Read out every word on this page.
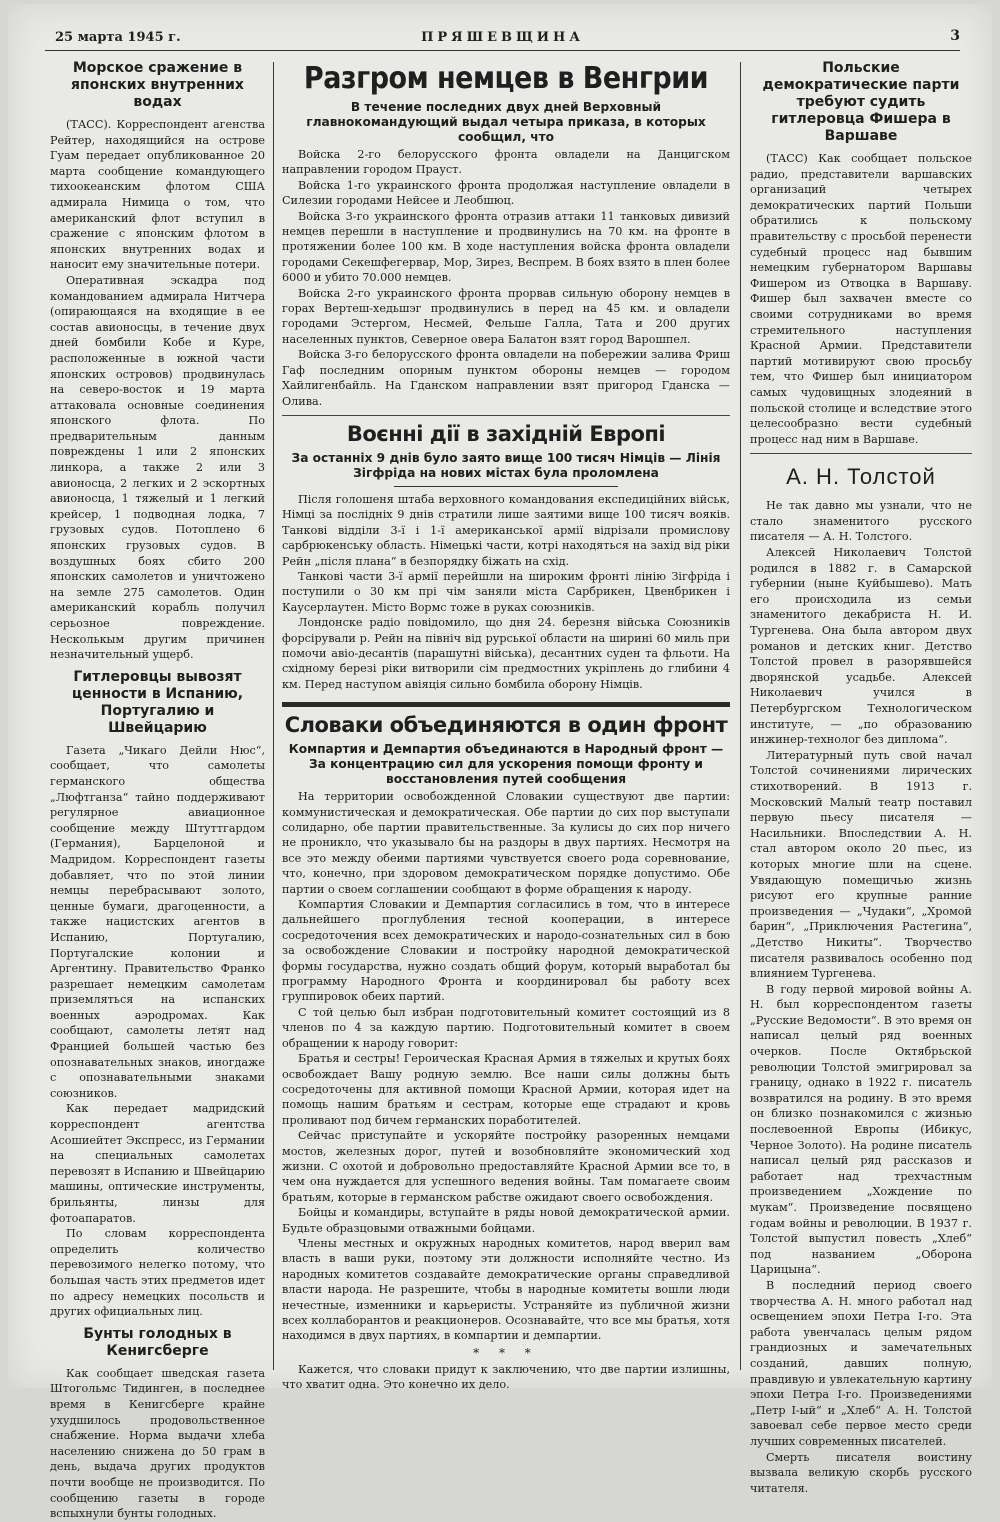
25 марта 1945 г.	ПРЯШЕВЩИНА	3
Морское сражение в японских внутренних водах

(ТАСС). Корреспондент агенства Рейтер, находящийся на острове Гуам передает опубликованное 20 марта сообщение командующего тихоокеанским флотом США адмирала Нимица о том, что американский флот вступил в сражение с японским флотом в японских внутренних водах и наносит ему значительные потери.

Оперативная эскадра под командованием адмирала Нитчера (опирающаяся на входящие в ее состав авионосцы, в течение двух дней бомбили Кобе и Куре, расположенные в южной части японских островов) продвинулась на северо-восток и 19 марта аттаковала основные соединения японского флота. По предварительным данным повреждены 1 или 2 японских линкора, а также 2 или 3 авионосца, 2 легких и 2 эскортных авионосца, 1 тяжелый и 1 легкий крейсер, 1 подводная лодка, 7 грузовых судов. Потоплено 6 японских грузовых судов. В воздушных боях сбито 200 японских самолетов и уничтожено на земле 275 самолетов. Один американский корабль получил серьозное повреждение. Несколькым другим причинен незначительный ущерб.

Гитлеровцы вывозят ценности в Испанию, Португалию и Швейцарию

Газета „Чикаго Дейли Нюс“, сообщает, что самолеты германского общества „Люфтганза“ тайно поддерживают регулярное авиационное сообщение между Штуттгардом (Германия), Барцелоной и Мадридом. Корреспондент газеты добавляет, что по этой линии немцы перебрасывают золото, ценные бумаги, драгоценности, а также нацистских агентов в Испанию, Португалию, Португалские колонии и Аргентину. Правительство Франко разрешает немецким самолетам приземляться на испанских военных аэродромах. Как сообщают, самолеты летят над Францией большей частью без опознавательных знаков, иногдаже с опознавательными знаками союзников.

Как передает мадридский корреспондент агентства Асошиейтет Экспресс, из Германии на специальных самолетах перевозят в Испанию и Швейцарию машины, оптические инструменты, брильянты, линзы для фотоапаратов.

По словам корреспондента определить количество перевозимого нелегко потому, что большая часть этих предметов идет по адресу немецких посольств и других официальных лиц.

Бунты голодных в Кенигсберге

Как сообщает шведская газета Штогольмс Тидинген, в последнее время в Кенигсберге крайне ухудшилось продовольственное снабжение. Норма выдачи хлеба населению снижена до 50 грам в день, выдача других продуктов почти вообще не производится. По сообщению газеты в городе вспыхнули бунты голодных.

Разгром немцев в Венгрии
В течение последних двух дней Верховный главнокомандующий выдал четыра приказа, в которых сообщил, что

Войска 2-го белорусского фронта овладели на Данцигском направлении городом Прауст.

Войска 1-го украинского фронта продолжая наступление овладели в Силезии городами Нейсее и Леобшюц.

Войска 3-го украинского фронта отразив аттаки 11 танковых дивизий немцев перешли в наступление и продвинулись на 70 км. на фронте в протяжении более 100 км. В ходе наступления войска фронта овладели городами Секешфегервар, Мор, Зирез, Веспрем. В боях взято в плен более 6000 и убито 70.000 немцев.

Войска 2-го украинского фронта прорвав сильную оборону немцев в горах Вертеш-хедьшэг продвинулись в перед на 45 км. и овладели городами Эстергом, Несмей, Фельше Галла, Тата и 200 других населенных пунктов, Северное овера Балатон взят город Варошпел.

Войска 3-го белорусского фронта овладели на побережии залива Фриш Гаф последним опорным пунктом обороны немцев — городом Хайлигенбайль. На Гданском направлении взят пригород Гданска — Олива.

Воєнні дії в західній Европі
За останніх 9 днів було заято вище 100 тисяч Німців — Лінія Зігфріда на нових містах була проломлена

Після голошеня штаба верховного командования експедиційних військ, Німці за послідніх 9 днів стратили лише заятими вище 100 тисяч вояків. Танкові відділи 3-ї і 1-ї американської армії відрізали промислову сарбрюкенську область. Німецькі части, котрі находяться на захід від ріки Рейн „після плана“ в безпорядку біжать на схід.

Танкові части 3-ї армії перейшли на широким фронті лінію Зігфріда і поступили о 30 км прі чім заняли міста Сарбрикен, Цвенбрикен і Каусерлаутен. Місто Вормс тоже в руках союзників.

Лондонске радіо повідомило, що дня 24. березня війська Союзників форсірували р. Рейн на північ від рурської области на ширині 60 миль при помочи авіо-десантів (парашутні війська), десантних суден та фльоти. На східному березі ріки витворили сім предмостних укріплень до глибини 4 км. Перед наступом авіяція сильно бомбила оборону Німців.

Словаки объединяются в один фронт
Компартия и Демпартия объединаются в Народный фронт — За концентрацию сил для ускорения помощи фронту и восстановления путей сообщения

На территории освобожденной Словакии существуют две партии: коммунистическая и демократическая. Обе партии до сих пор выступали солидарно, обе партии правительственные. За кулисы до сих пор ничего не проникло, что указывало бы на раздоры в двух партиях. Несмотря на все это между обеими партиями чувствуется своего рода соревнование, что, конечно, при здоровом демократическом порядке допустимо. Обе партии о своем соглашении сообщают в форме обращения к народу.

Компартия Словакии и Демпартия согласились в том, что в интересе дальнейшего проглубления тесной кооперации, в интересе сосредоточения всех демократических и народо-сознательных сил в бою за освобождение Словакии и постройку народной демократической формы государства, нужно создать общий форум, который выработал бы программу Народного Фронта и координировал бы работу всех группировок обеих партий.

С той целью был избран подготовительный комитет состоящий из 8 членов по 4 за каждую партию. Подготовительный комитет в своем обращении к народу говорит:

Братья и сестры! Героическая Красная Армия в тяжелых и крутых боях освобождает Вашу родную землю. Все наши силы должны быть сосредоточены для активной помощи Красной Армии, которая идет на помощь нашим братьям и сестрам, которые еще страдают и кровь проливают под бичем германских поработителей.

Сейчас приступайте и ускоряйте постройку разоренных немцами мостов, железных дорог, путей и возобновляйте экономический ход жизни. С охотой и добровольно предоставляйте Красной Армии все то, в чем она нуждается для успешного ведения войны. Там помагаете своим братьям, которые в германском рабстве ожидают своего освобождения.

Бойцы и командиры, вступайте в ряды новой демократической армии. Будьте образцовыми отважными бойцами.

Члены местных и окружных народных комитетов, народ вверил вам власть в ваши руки, поэтому эти должности исполняйте честно. Из народных комитетов создавайте демократические органы справедливой власти народа. Не разрешите, чтобы в народные комитеты вошли люди нечестные, изменники и карьеристы. Устраняйте из публичной жизни всех коллаборантов и реакционеров. Осознавайте, что все мы братья, хотя находимся в двух партиях, в компартии и демпартии.

* * *

Кажется, что словаки придут к заключению, что две партии излишны, что хватит одна. Это конечно их дело.

Польские демократические парти требуют судить гитлеровца Фишера в Варшаве

(ТАСС) Как сообщает польское радио, представители варшавских организаций четырех демократических партий Польши обратились к польскому правительству с просьбой перенести судебный процесс над бывшим немецким губернатором Варшавы Фишером из Отвоцка в Варшаву. Фишер был захвачен вместе со своими сотрудниками во время стремительного наступления Красной Армии. Представители партий мотивируют свою просьбу тем, что Фишер был инициатором самых чудовищных злодеяний в польской столице и вследствие этого целесообразно вести судебный процесс над ним в Варшаве.

А. Н. Толстой

Не так давно мы узнали, что не стало знаменитого русского писателя — А. Н. Толстого.

Алексей Николаевич Толстой родился в 1882 г. в Самарской губернии (ныне Куйбышево). Мать его происходила из семьи знаменитого декабриста Н. И. Тургенева. Она была автором двух романов и детских книг. Детство Толстой провел в разорявшейся дворянской усадьбе. Алексей Николаевич учился в Петербургском Технологическом институте, — „по образованию инжинер-технолог без диплома“.

Литературный путь свой начал Толстой сочинениями лирических стихотворений. В 1913 г. Московский Малый театр поставил первую пьесу писателя — Насильники. Впоследствии А. Н. стал автором около 20 пьес, из которых многие шли на сцене. Увядающую помещичью жизнь рисуют его крупные ранние произведения — „Чудаки“, „Хромой барин“, „Приключения Растегина“, „Детство Никиты“. Творчество писателя развивалось особенно под влиянием Тургенева.

В году первой мировой войны А. Н. был корреспондентом газеты „Русские Ведомости“. В это время он написал целый ряд военных очерков. После Октябрьской революции Толстой эмигрировал за границу, однако в 1922 г. писатель возвратился на родину. В это время он близко познакомился с жизнью послевоенной Европы (Ибикус, Черное Золото). На родине писатель написал целый ряд рассказов и работает над трехчастным произведением „Хождение по мукам“. Произведение посвящено годам войны и революции. В 1937 г. Толстой выпустил повесть „Хлеб“ под названием „Оборона Царицына“.

В последний период своего творчества А. Н. много работал над освещением эпохи Петра I-го. Эта работа увенчалась целым рядом грандиозных и замечательных созданий, давших полную, правдивую и увлекательную картину эпохи Петра I-го. Произведениями „Петр I-ый“ и „Хлеб“ А. Н. Толстой завоевал себе первое место среди лучших современных писателей.

Смерть писателя воистину вызвала великую скорбь русского читателя.
